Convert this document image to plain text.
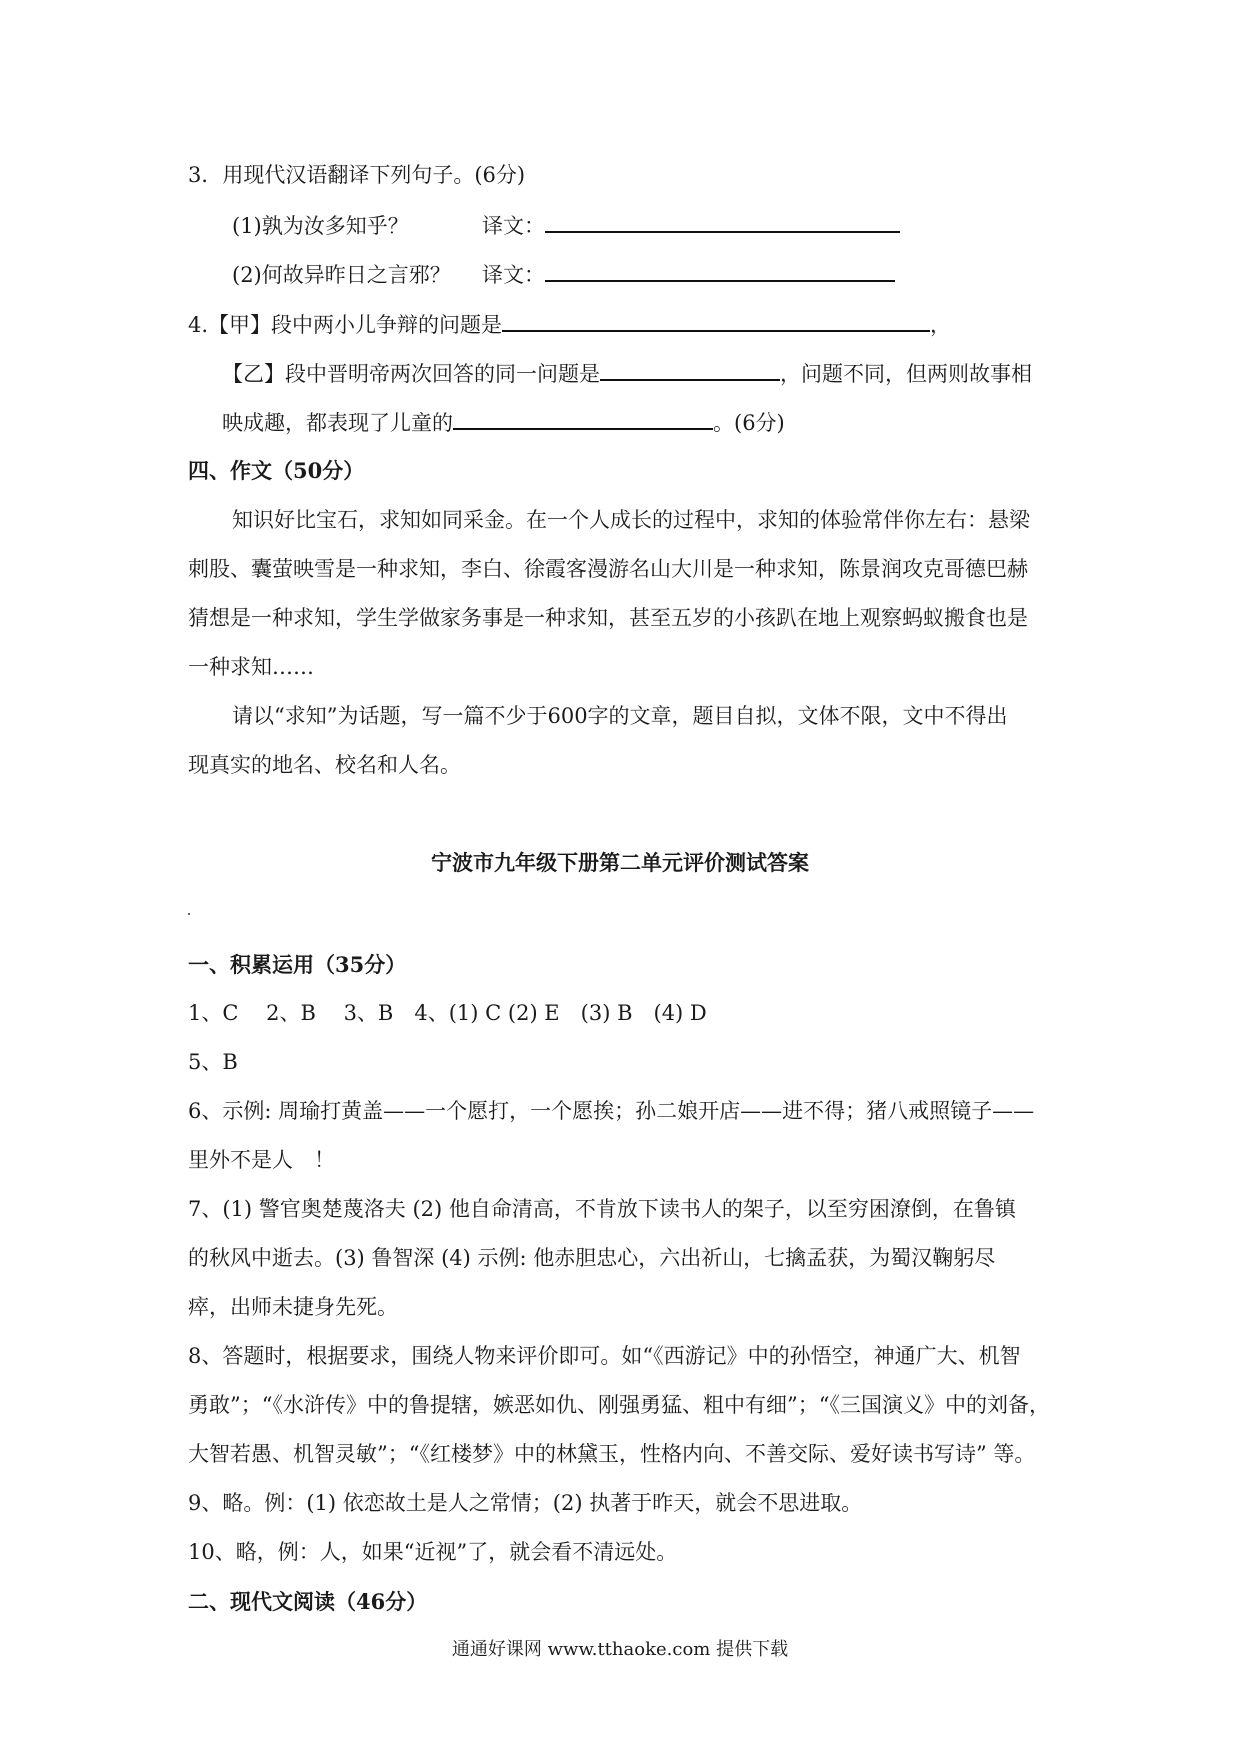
3．用现代汉语翻译下列句子。(6分)
(1)孰为汝多知乎？	译文：
(2)何故异昨日之言邪？ 译文：
4.【甲】段中两小儿争辩的问题是	，
【乙】段中晋明帝两次回答的同一问题是	，问题不同，但两则故事相
映成趣，都表现了儿童的	。(6分)
四、作文（50分）
知识好比宝石，求知如同采金。在一个人成长的过程中，求知的体验常伴你左右：悬梁
刺股、囊萤映雪是一种求知，李白、徐霞客漫游名山大川是一种求知，陈景润攻克哥德巴赫
猜想是一种求知，学生学做家务事是一种求知，甚至五岁的小孩趴在地上观察蚂蚁搬食也是
一种求知……
请以“求知”为话题，写一篇不少于600字的文章，题目自拟，文体不限，文中不得出
现真实的地名、校名和人名。
宁波市九年级下册第二单元评价测试答案
一、积累运用（35分）
1、C　 2、B　 3、B　4、(1) C (2) E　(3) B　(4) D
5、B
6、示例: 周瑜打黄盖——一个愿打，一个愿挨；孙二娘开店——进不得；猪八戒照镜子——
里外不是人　！
7、(1) 警官奥楚蔑洛夫 (2) 他自命清高，不肯放下读书人的架子，以至穷困潦倒，在鲁镇
的秋风中逝去。(3) 鲁智深 (4) 示例: 他赤胆忠心，六出祈山，七擒孟获，为蜀汉鞠躬尽
瘁，出师未捷身先死。
8、答题时，根据要求，围绕人物来评价即可。如“《西游记》中的孙悟空，神通广大、机智
勇敢”；“《水浒传》中的鲁提辖，嫉恶如仇、刚强勇猛、粗中有细”；“《三国演义》中的刘备，
大智若愚、机智灵敏”；“《红楼梦》中的林黛玉，性格内向、不善交际、爱好读书写诗” 等。
9、略。例：(1) 依恋故土是人之常情；(2) 执著于昨天，就会不思进取。
10、略，例：人，如果“近视”了，就会看不清远处。
二、现代文阅读（46分）
通通好课网 www.tthaoke.com 提供下载
